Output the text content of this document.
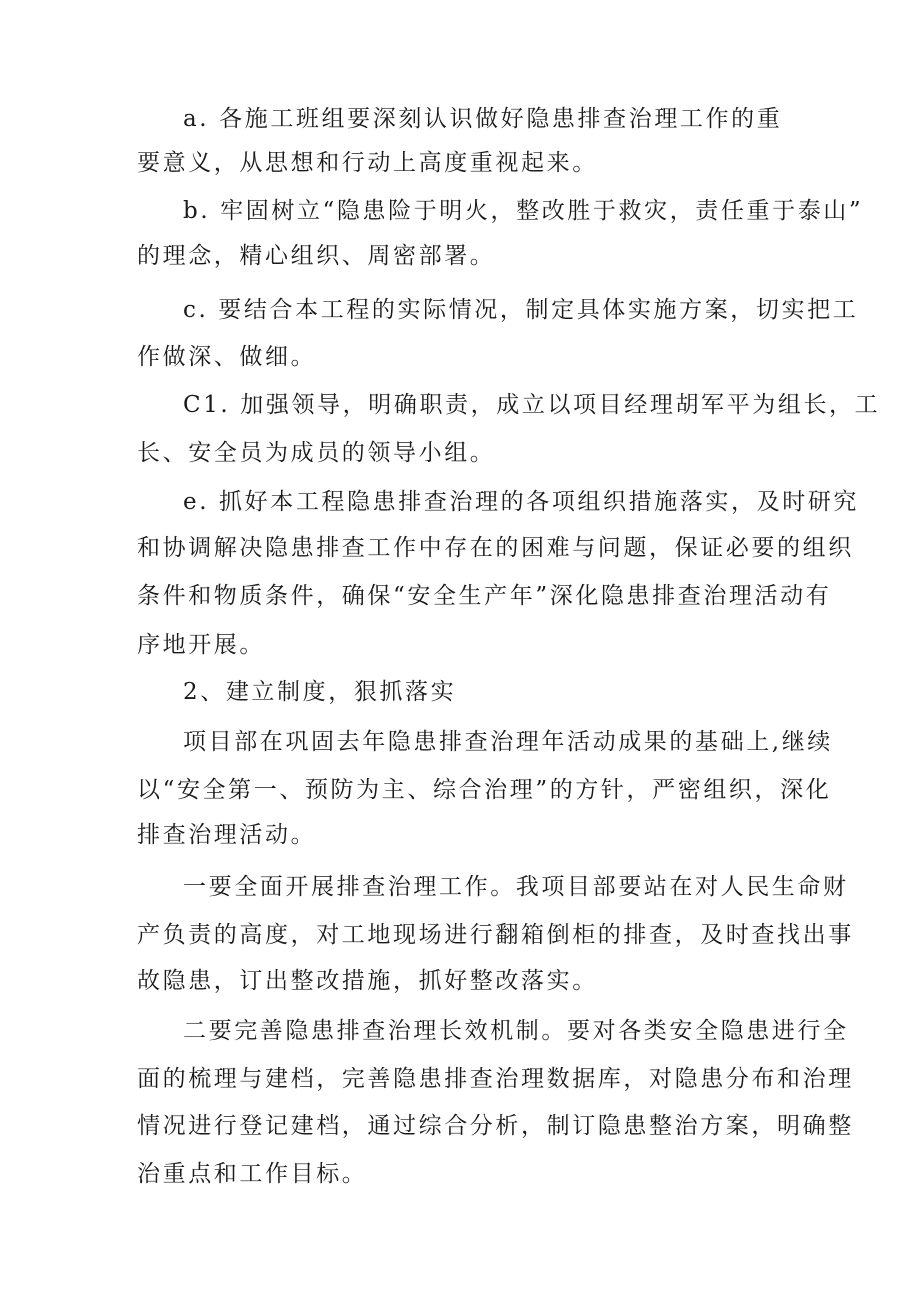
a. 各施工班组要深刻认识做好隐患排查治理工作的重

要意义，从思想和行动上高度重视起来。

b. 牢固树立“隐患险于明火，整改胜于救灾，责任重于泰山”

的理念，精心组织、周密部署。

c. 要结合本工程的实际情况，制定具体实施方案，切实把工

作做深、做细。

C1. 加强领导，明确职责，成立以项目经理胡军平为组长，工

长、安全员为成员的领导小组。

e. 抓好本工程隐患排查治理的各项组织措施落实，及时研究

和协调解决隐患排查工作中存在的困难与问题，保证必要的组织

条件和物质条件，确保“安全生产年”深化隐患排查治理活动有

序地开展。

2、建立制度，狠抓落实

项目部在巩固去年隐患排查治理年活动成果的基础上,继续

以“安全第一、预防为主、综合治理”的方针，严密组织，深化

排查治理活动。

一要全面开展排查治理工作。我项目部要站在对人民生命财

产负责的高度，对工地现场进行翻箱倒柜的排查，及时查找出事

故隐患，订出整改措施，抓好整改落实。

二要完善隐患排查治理长效机制。要对各类安全隐患进行全

面的梳理与建档，完善隐患排查治理数据库，对隐患分布和治理

情况进行登记建档，通过综合分析，制订隐患整治方案，明确整

治重点和工作目标。
